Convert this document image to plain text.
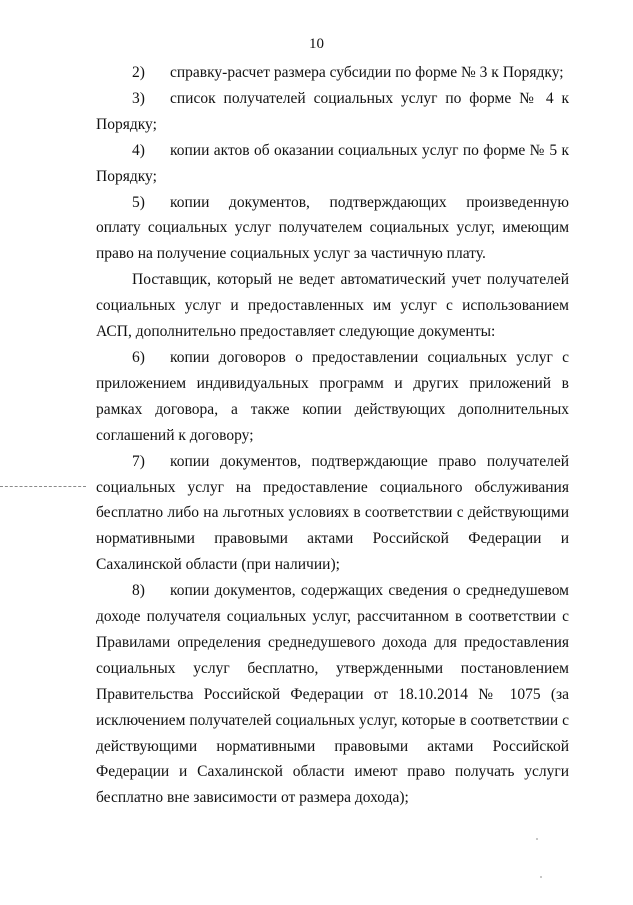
10

2) справку-расчет размера субсидии по форме № 3 к Порядку;

3) список получателей социальных услуг по форме № 4 к Порядку;

4) копии актов об оказании социальных услуг по форме № 5 к Порядку;

5) копии документов, подтверждающих произведенную оплату социальных услуг получателем социальных услуг, имеющим право на получение социальных услуг за частичную плату.

Поставщик, который не ведет автоматический учет получателей социальных услуг и предоставленных им услуг с использованием АСП, дополнительно предоставляет следующие документы:

6) копии договоров о предоставлении социальных услуг с приложением индивидуальных программ и других приложений в рамках договора, а также копии действующих дополнительных соглашений к договору;

7) копии документов, подтверждающие право получателей социальных услуг на предоставление социального обслуживания бесплатно либо на льготных условиях в соответствии с действующими нормативными правовыми актами Российской Федерации и Сахалинской области (при наличии);

8) копии документов, содержащих сведения о среднедушевом доходе получателя социальных услуг, рассчитанном в соответствии с Правилами определения среднедушевого дохода для предоставления социальных услуг бесплатно, утвержденными постановлением Правительства Российской Федерации от 18.10.2014 № 1075 (за исключением получателей социальных услуг, которые в соответствии с действующими нормативными правовыми актами Российской Федерации и Сахалинской области имеют право получать услуги бесплатно вне зависимости от размера дохода);
